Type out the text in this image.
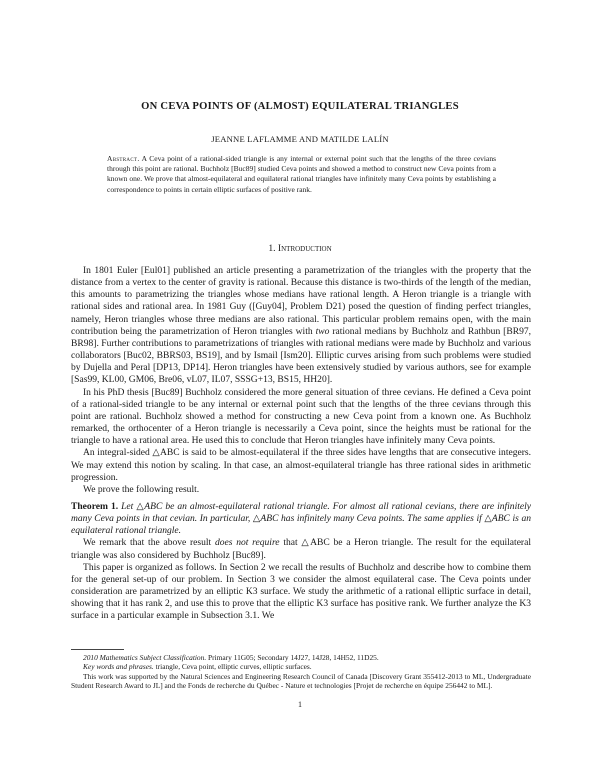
ON CEVA POINTS OF (ALMOST) EQUILATERAL TRIANGLES
JEANNE LAFLAMME AND MATILDE LALÍN

Abstract. A Ceva point of a rational-sided triangle is any internal or external point such that the lengths of the three cevians through this point are rational. Buchholz [Buc89] studied Ceva points and showed a method to construct new Ceva points from a known one. We prove that almost-equilateral and equilateral rational triangles have infinitely many Ceva points by establishing a correspondence to points in certain elliptic surfaces of positive rank.

1. Introduction

In 1801 Euler [Eul01] published an article presenting a parametrization of the triangles with the property that the distance from a vertex to the center of gravity is rational. Because this distance is two-thirds of the length of the median, this amounts to parametrizing the triangles whose medians have rational length. A Heron triangle is a triangle with rational sides and rational area. In 1981 Guy ([Guy04], Problem D21) posed the question of finding perfect triangles, namely, Heron triangles whose three medians are also rational. This particular problem remains open, with the main contribution being the parametrization of Heron triangles with two rational medians by Buchholz and Rathbun [BR97, BR98]. Further contributions to parametrizations of triangles with rational medians were made by Buchholz and various collaborators [Buc02, BBRS03, BS19], and by Ismail [Ism20]. Elliptic curves arising from such problems were studied by Dujella and Peral [DP13, DP14]. Heron triangles have been extensively studied by various authors, see for example [Sas99, KL00, GM06, Bre06, vL07, IL07, SSSG+13, BS15, HH20].

In his PhD thesis [Buc89] Buchholz considered the more general situation of three cevians. He defined a Ceva point of a rational-sided triangle to be any internal or external point such that the lengths of the three cevians through this point are rational. Buchholz showed a method for constructing a new Ceva point from a known one. As Buchholz remarked, the orthocenter of a Heron triangle is necessarily a Ceva point, since the heights must be rational for the triangle to have a rational area. He used this to conclude that Heron triangles have infinitely many Ceva points.

An integral-sided △ABC is said to be almost-equilateral if the three sides have lengths that are consecutive integers. We may extend this notion by scaling. In that case, an almost-equilateral triangle has three rational sides in arithmetic progression.

We prove the following result.

Theorem 1. Let △ABC be an almost-equilateral rational triangle. For almost all rational cevians, there are infinitely many Ceva points in that cevian. In particular, △ABC has infinitely many Ceva points. The same applies if △ABC is an equilateral rational triangle.

We remark that the above result does not require that △ABC be a Heron triangle. The result for the equilateral triangle was also considered by Buchholz [Buc89].

This paper is organized as follows. In Section 2 we recall the results of Buchholz and describe how to combine them for the general set-up of our problem. In Section 3 we consider the almost equilateral case. The Ceva points under consideration are parametrized by an elliptic K3 surface. We study the arithmetic of a rational elliptic surface in detail, showing that it has rank 2, and use this to prove that the elliptic K3 surface has positive rank. We further analyze the K3 surface in a particular example in Subsection 3.1. We

2010 Mathematics Subject Classification. Primary 11G05; Secondary 14J27, 14J28, 14H52, 11D25.

Key words and phrases. triangle, Ceva point, elliptic curves, elliptic surfaces.

This work was supported by the Natural Sciences and Engineering Research Council of Canada [Discovery Grant 355412-2013 to ML, Undergraduate Student Research Award to JL] and the Fonds de recherche du Québec - Nature et technologies [Projet de recherche en équipe 256442 to ML].

1
